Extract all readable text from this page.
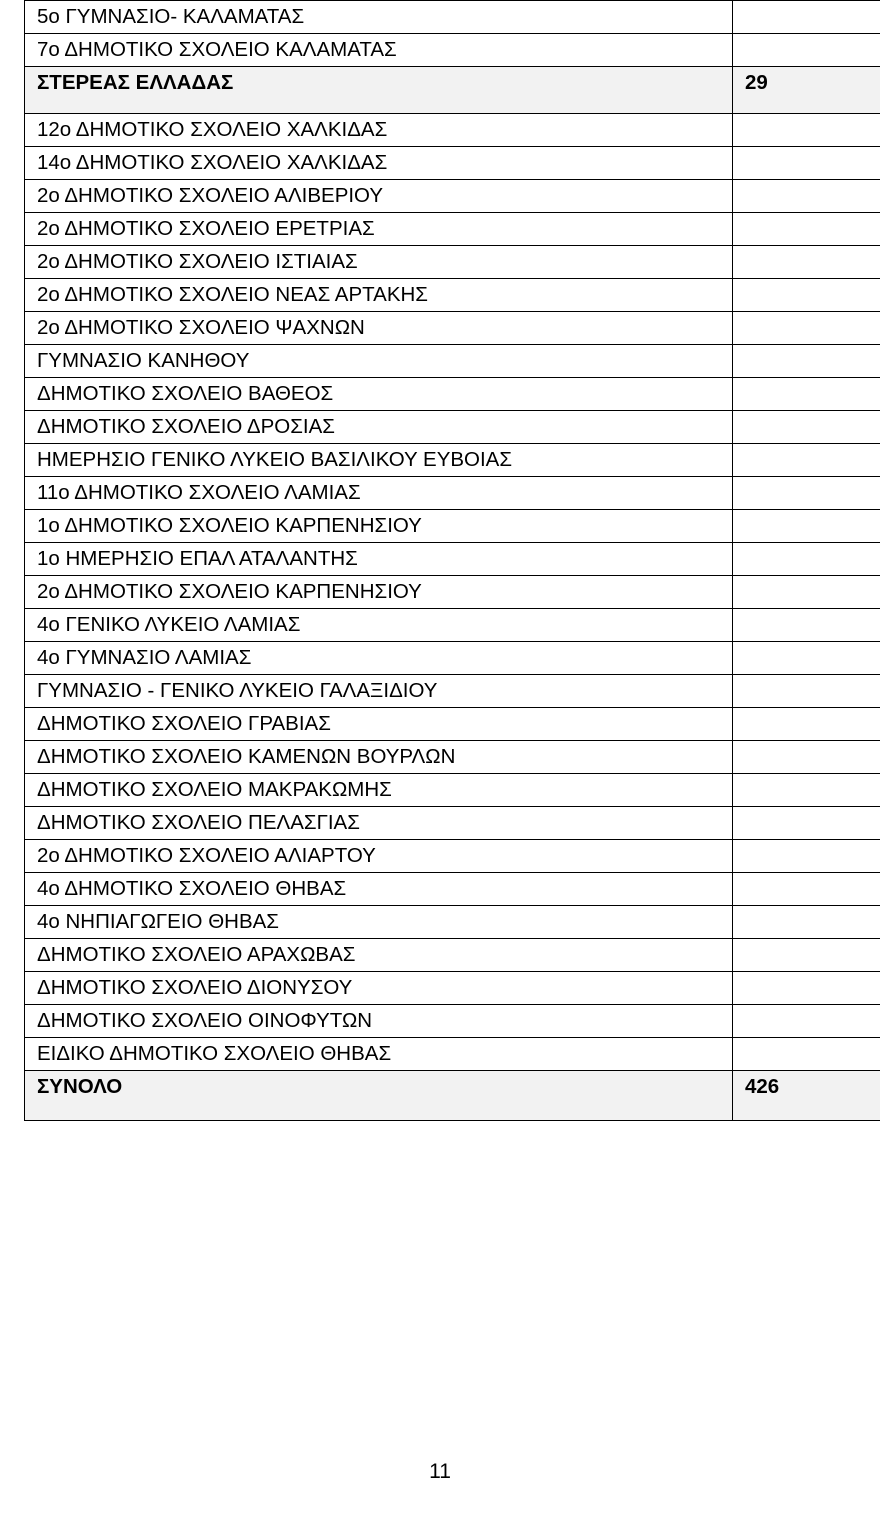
5ο ΓΥΜΝΑΣΙΟ- ΚΑΛΑΜΑΤΑΣ	
7ο ΔΗΜΟΤΙΚΟ ΣΧΟΛΕΙΟ ΚΑΛΑΜΑΤΑΣ	
ΣΤΕΡΕΑΣ ΕΛΛΑΔΑΣ	29
12ο ΔΗΜΟΤΙΚΟ ΣΧΟΛΕΙΟ ΧΑΛΚΙΔΑΣ	
14ο ΔΗΜΟΤΙΚΟ ΣΧΟΛΕΙΟ ΧΑΛΚΙΔΑΣ	
2ο ΔΗΜΟΤΙΚΟ ΣΧΟΛΕΙΟ ΑΛΙΒΕΡΙΟΥ	
2ο ΔΗΜΟΤΙΚΟ ΣΧΟΛΕΙΟ ΕΡΕΤΡΙΑΣ	
2ο ΔΗΜΟΤΙΚΟ ΣΧΟΛΕΙΟ ΙΣΤΙΑΙΑΣ	
2ο ΔΗΜΟΤΙΚΟ ΣΧΟΛΕΙΟ ΝΕΑΣ ΑΡΤΑΚΗΣ	
2ο ΔΗΜΟΤΙΚΟ ΣΧΟΛΕΙΟ ΨΑΧΝΩΝ	
ΓΥΜΝΑΣΙΟ ΚΑΝΗΘΟΥ	
ΔΗΜΟΤΙΚΟ ΣΧΟΛΕΙΟ ΒΑΘΕΟΣ	
ΔΗΜΟΤΙΚΟ ΣΧΟΛΕΙΟ ΔΡΟΣΙΑΣ	
ΗΜΕΡΗΣΙΟ ΓΕΝΙΚΟ ΛΥΚΕΙΟ ΒΑΣΙΛΙΚΟΥ ΕΥΒΟΙΑΣ	
11ο ΔΗΜΟΤΙΚΟ ΣΧΟΛΕΙΟ ΛΑΜΙΑΣ	
1ο ΔΗΜΟΤΙΚΟ ΣΧΟΛΕΙΟ ΚΑΡΠΕΝΗΣΙΟΥ	
1ο ΗΜΕΡΗΣΙΟ ΕΠΑΛ ΑΤΑΛΑΝΤΗΣ	
2ο ΔΗΜΟΤΙΚΟ ΣΧΟΛΕΙΟ ΚΑΡΠΕΝΗΣΙΟΥ	
4ο ΓΕΝΙΚΟ ΛΥΚΕΙΟ ΛΑΜΙΑΣ	
4ο ΓΥΜΝΑΣΙΟ ΛΑΜΙΑΣ	
ΓΥΜΝΑΣΙΟ - ΓΕΝΙΚΟ ΛΥΚΕΙΟ ΓΑΛΑΞΙΔΙΟΥ	
ΔΗΜΟΤΙΚΟ ΣΧΟΛΕΙΟ ΓΡΑΒΙΑΣ	
ΔΗΜΟΤΙΚΟ ΣΧΟΛΕΙΟ ΚΑΜΕΝΩΝ ΒΟΥΡΛΩΝ	
ΔΗΜΟΤΙΚΟ ΣΧΟΛΕΙΟ ΜΑΚΡΑΚΩΜΗΣ	
ΔΗΜΟΤΙΚΟ ΣΧΟΛΕΙΟ ΠΕΛΑΣΓΙΑΣ	
2ο ΔΗΜΟΤΙΚΟ ΣΧΟΛΕΙΟ ΑΛΙΑΡΤΟΥ	
4ο ΔΗΜΟΤΙΚΟ ΣΧΟΛΕΙΟ ΘΗΒΑΣ	
4ο ΝΗΠΙΑΓΩΓΕΙΟ ΘΗΒΑΣ	
ΔΗΜΟΤΙΚΟ ΣΧΟΛΕΙΟ ΑΡΑΧΩΒΑΣ	
ΔΗΜΟΤΙΚΟ ΣΧΟΛΕΙΟ ΔΙΟΝΥΣΟΥ	
ΔΗΜΟΤΙΚΟ ΣΧΟΛΕΙΟ ΟΙΝΟΦΥΤΩΝ	
ΕΙΔΙΚΟ ΔΗΜΟΤΙΚΟ ΣΧΟΛΕΙΟ ΘΗΒΑΣ	
ΣΥΝΟΛΟ	426
11
